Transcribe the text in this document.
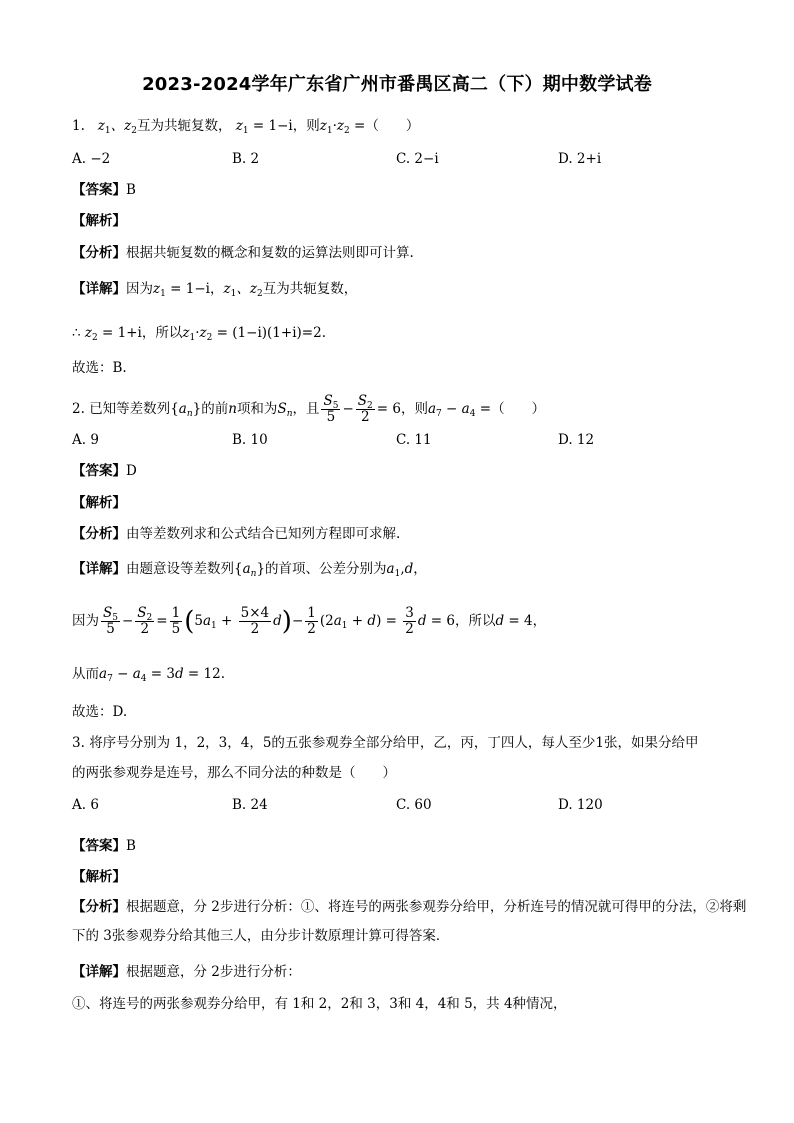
2023-2024学年广东省广州市番禺区高二（下）期中数学试卷
1.   $z_1$、$z_2$互为共轭复数， $z_1 = 1-i$，则$z_1\cdot z_2$ =（　　）
A. −2	B. 2	C. 2−i	D. 2+i
【答案】B
【解析】
【分析】根据共轭复数的概念和复数的运算法则即可计算.
【详解】因为$z_1 = 1-i$，$z_1$、$z_2$互为共轭复数，
∴ $z_2 = 1+i$，所以$z_1\cdot z_2 = (1-i)(1+i)=2$.
故选：B.
2. 已知等差数列$\{a_n\}$的前n项和为$S_n$，且 $\frac{S_5}{5} - \frac{S_2}{2} = 6$，则$a_7 - a_4$ =（　　）
A. 9	B. 10	C. 11	D. 12
【答案】D
【解析】
【分析】由等差数列求和公式结合已知列方程即可求解.
【详解】由题意设等差数列$\{a_n\}$的首项、公差分别为$a_1,d$，
因为 $\frac{S_5}{5} - \frac{S_2}{2} = \frac{1}{5} (5a_1 + \frac{5\times 4}{2} d)- \frac{1}{2} (2a_1 + d) = \frac{3}{2}$ d = 6，所以d = 4，
从而$a_7 - a_4 = 3d = 12$.
故选：D.
3. 将序号分别为 1，2，3，4，5的五张参观券全部分给甲，乙，丙，丁四人，每人至少1张，如果分给甲
的两张参观券是连号，那么不同分法的种数是（　　）
A. 6	B. 24	C. 60	D. 120
【答案】B
【解析】
【分析】根据题意，分 2步进行分析：①、将连号的两张参观券分给甲，分析连号的情况就可得甲的分法，②将剩下的 3张参观券分给其他三人，由分步计数原理计算可得答案．
【详解】根据题意，分 2步进行分析：
①、将连号的两张参观券分给甲，有 1和 2，2和 3，3和 4，4和 5，共 4种情况，
